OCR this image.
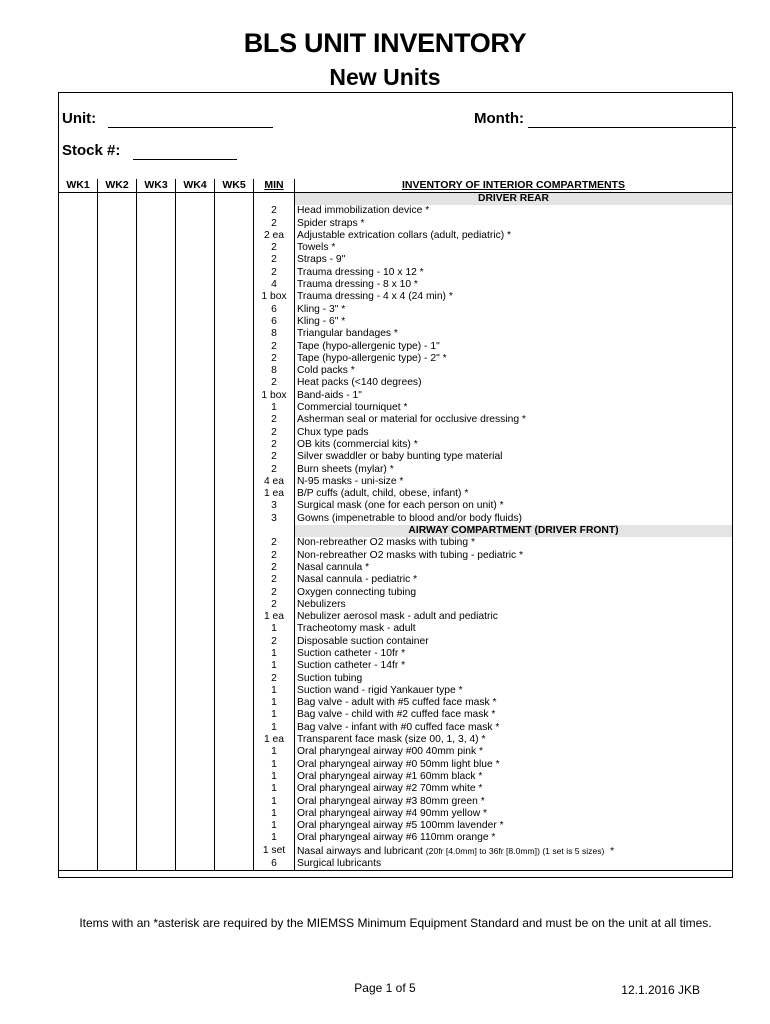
BLS UNIT INVENTORY
New Units
Unit:	Month:
Stock #:
WK1	WK2	WK3	WK4	WK5	MIN	INVENTORY OF INTERIOR COMPARTMENTS
						DRIVER REAR
					2	Head immobilization device *
					2	Spider straps *
					2 ea	Adjustable extrication collars (adult, pediatric) *
					2	Towels *
					2	Straps - 9"
					2	Trauma dressing - 10 x 12 *
					4	Trauma dressing - 8 x 10 *
					1 box	Trauma dressing - 4 x 4 (24 min) *
					6	Kling - 3" *
					6	Kling - 6" *
					8	Triangular bandages *
					2	Tape (hypo-allergenic type) - 1"
					2	Tape (hypo-allergenic type) - 2" *
					8	Cold packs *
					2	Heat packs (<140 degrees)
					1 box	Band-aids - 1"
					1	Commercial tourniquet *
					2	Asherman seal or material for occlusive dressing *
					2	Chux type pads
					2	OB kits (commercial kits) *
					2	Silver swaddler or baby bunting type material
					2	Burn sheets (mylar) *
					4 ea	N-95 masks - uni-size *
					1 ea	B/P cuffs (adult, child, obese, infant) *
					3	Surgical mask (one for each person on unit) *
					3	Gowns (impenetrable to blood and/or body fluids)
						AIRWAY COMPARTMENT (DRIVER FRONT)
					2	Non-rebreather O2 masks with tubing *
					2	Non-rebreather O2 masks with tubing - pediatric *
					2	Nasal cannula *
					2	Nasal cannula - pediatric *
					2	Oxygen connecting tubing
					2	Nebulizers
					1 ea	Nebulizer aerosol mask - adult and pediatric
					1	Tracheotomy mask - adult
					2	Disposable suction container
					1	Suction catheter - 10fr *
					1	Suction catheter - 14fr *
					2	Suction tubing
					1	Suction wand - rigid Yankauer type *
					1	Bag valve - adult with #5 cuffed face mask *
					1	Bag valve - child with #2 cuffed face mask *
					1	Bag valve - infant with #0 cuffed face mask *
					1 ea	Transparent face mask (size 00, 1, 3, 4) *
					1	Oral pharyngeal airway #00 40mm pink *
					1	Oral pharyngeal airway #0 50mm light blue *
					1	Oral pharyngeal airway #1 60mm black *
					1	Oral pharyngeal airway #2 70mm white *
					1	Oral pharyngeal airway #3 80mm green *
					1	Oral pharyngeal airway #4 90mm yellow *
					1	Oral pharyngeal airway #5 100mm lavender *
					1	Oral pharyngeal airway #6 110mm orange *
					1 set	Nasal airways and lubricant (20fr [4.0mm] to 36fr [8.0mm]) (1 set is 5 sizes)  *
					6	Surgical lubricants
Items with an *asterisk are required by the MIEMSS Minimum Equipment Standard and must be on the unit at all times.
Page 1 of 5	12.1.2016 JKB
